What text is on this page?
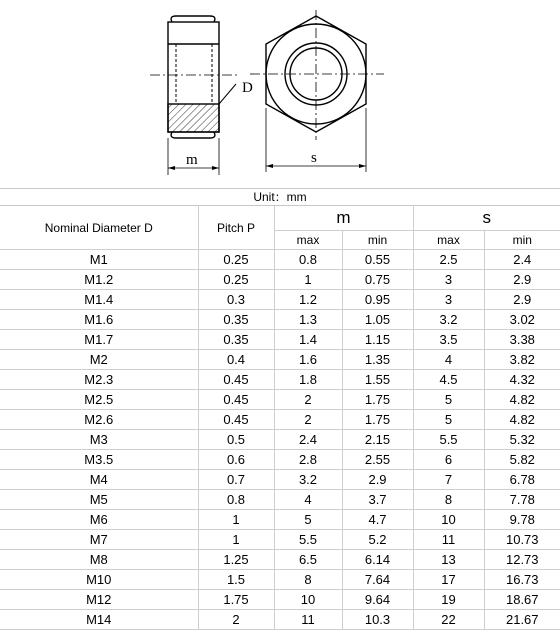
D
m	s
Unit：mm
Nominal Diameter D	Pitch P	m		s	
		max	min	max	min
M1	0.25	0.8	0.55	2.5	2.4
M1.2	0.25	1	0.75	3	2.9
M1.4	0.3	1.2	0.95	3	2.9
M1.6	0.35	1.3	1.05	3.2	3.02
M1.7	0.35	1.4	1.15	3.5	3.38
M2	0.4	1.6	1.35	4	3.82
M2.3	0.45	1.8	1.55	4.5	4.32
M2.5	0.45	2	1.75	5	4.82
M2.6	0.45	2	1.75	5	4.82
M3	0.5	2.4	2.15	5.5	5.32
M3.5	0.6	2.8	2.55	6	5.82
M4	0.7	3.2	2.9	7	6.78
M5	0.8	4	3.7	8	7.78
M6	1	5	4.7	10	9.78
M7	1	5.5	5.2	11	10.73
M8	1.25	6.5	6.14	13	12.73
M10	1.5	8	7.64	17	16.73
M12	1.75	10	9.64	19	18.67
M14	2	11	10.3	22	21.67
